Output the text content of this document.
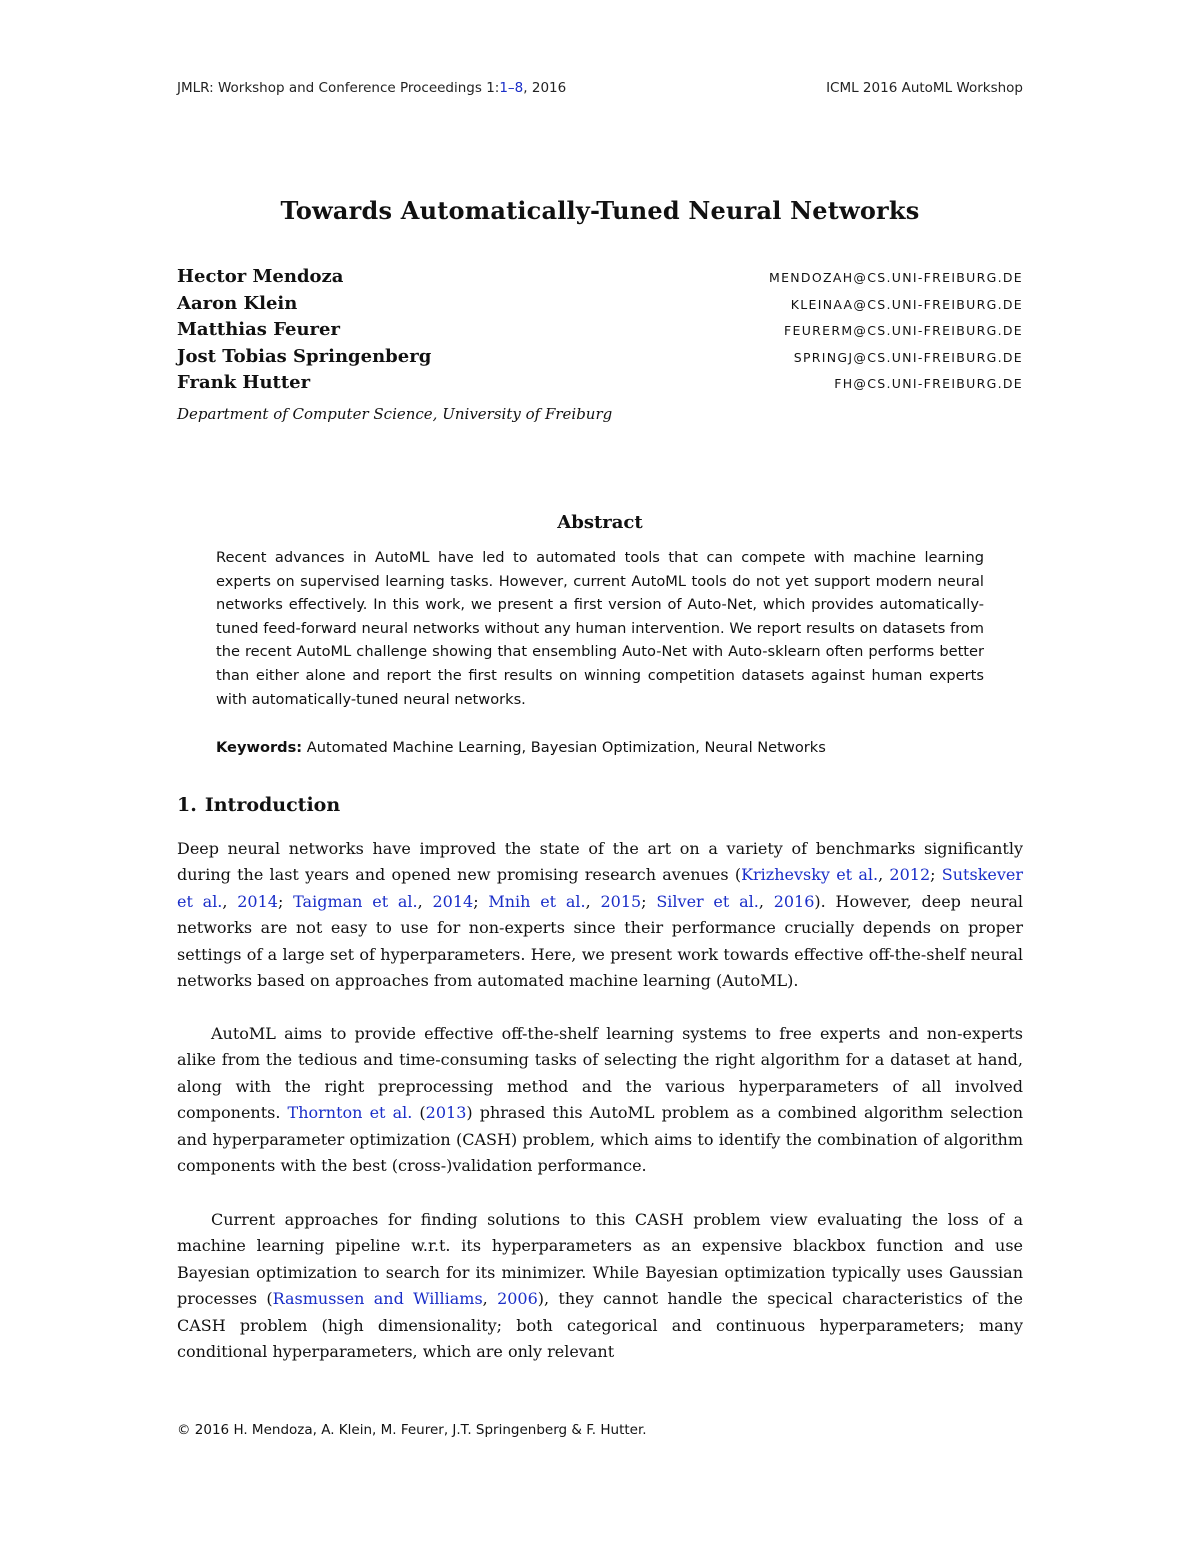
JMLR: Workshop and Conference Proceedings 1:1–8, 2016	ICML 2016 AutoML Workshop
Towards Automatically-Tuned Neural Networks
Hector Mendoza	MENDOZAH@CS.UNI-FREIBURG.DE
Aaron Klein	KLEINAA@CS.UNI-FREIBURG.DE
Matthias Feurer	FEURERM@CS.UNI-FREIBURG.DE
Jost Tobias Springenberg	SPRINGJ@CS.UNI-FREIBURG.DE
Frank Hutter	FH@CS.UNI-FREIBURG.DE
Department of Computer Science, University of Freiburg
Abstract

Recent advances in AutoML have led to automated tools that can compete with machine learning experts on supervised learning tasks. However, current AutoML tools do not yet support modern neural networks effectively. In this work, we present a first version of Auto-Net, which provides automatically-tuned feed-forward neural networks without any human intervention. We report results on datasets from the recent AutoML challenge showing that ensembling Auto-Net with Auto-sklearn often performs better than either alone and report the first results on winning competition datasets against human experts with automatically-tuned neural networks.

Keywords: Automated Machine Learning, Bayesian Optimization, Neural Networks

1. Introduction

Deep neural networks have improved the state of the art on a variety of benchmarks significantly during the last years and opened new promising research avenues (Krizhevsky et al., 2012; Sutskever et al., 2014; Taigman et al., 2014; Mnih et al., 2015; Silver et al., 2016). However, deep neural networks are not easy to use for non-experts since their performance crucially depends on proper settings of a large set of hyperparameters. Here, we present work towards effective off-the-shelf neural networks based on approaches from automated machine learning (AutoML).

AutoML aims to provide effective off-the-shelf learning systems to free experts and non-experts alike from the tedious and time-consuming tasks of selecting the right algorithm for a dataset at hand, along with the right preprocessing method and the various hyperparameters of all involved components. Thornton et al. (2013) phrased this AutoML problem as a combined algorithm selection and hyperparameter optimization (CASH) problem, which aims to identify the combination of algorithm components with the best (cross-)validation performance.

Current approaches for finding solutions to this CASH problem view evaluating the loss of a machine learning pipeline w.r.t. its hyperparameters as an expensive blackbox function and use Bayesian optimization to search for its minimizer. While Bayesian optimization typically uses Gaussian processes (Rasmussen and Williams, 2006), they cannot handle the specical characteristics of the CASH problem (high dimensionality; both categorical and continuous hyperparameters; many conditional hyperparameters, which are only relevant

© 2016 H. Mendoza, A. Klein, M. Feurer, J.T. Springenberg & F. Hutter.
